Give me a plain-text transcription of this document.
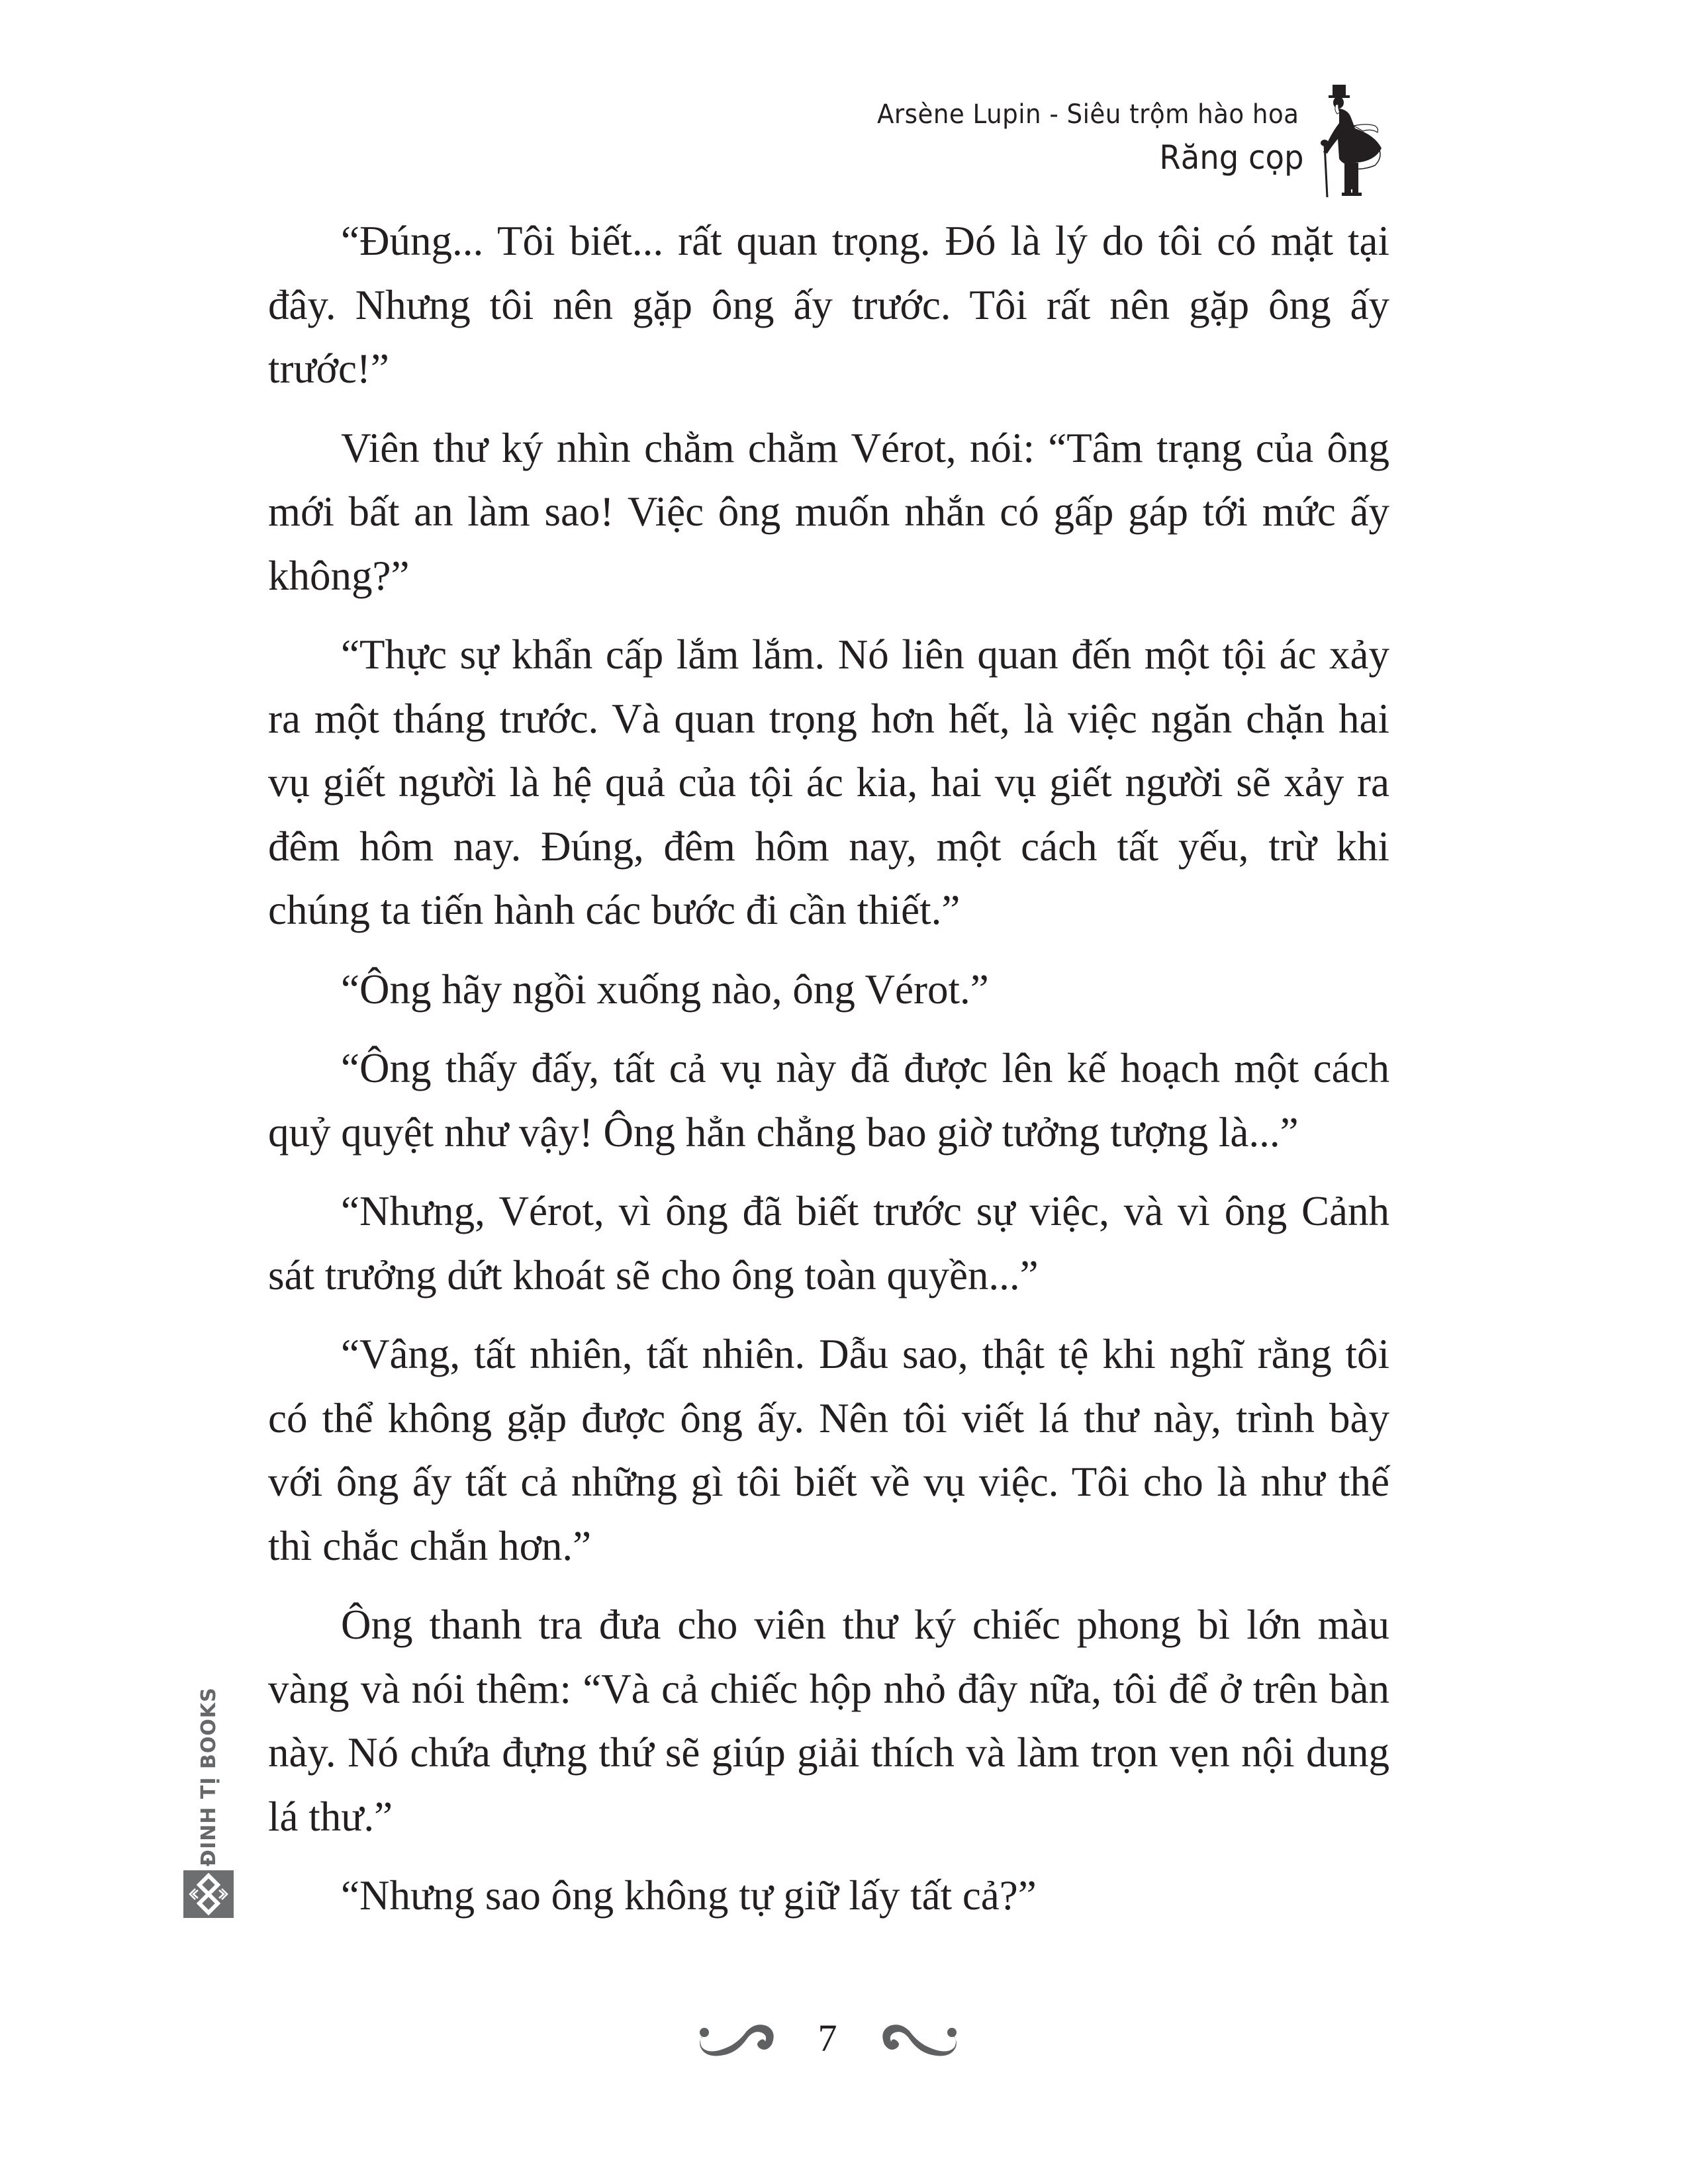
Arsène Lupin - Siêu trộm hào hoa
Răng cọp

“Đúng... Tôi biết... rất quan trọng. Đó là lý do tôi có mặt tại đây. Nhưng tôi nên gặp ông ấy trước. Tôi rất nên gặp ông ấy trước!”

Viên thư ký nhìn chằm chằm Vérot, nói: “Tâm trạng của ông mới bất an làm sao! Việc ông muốn nhắn có gấp gáp tới mức ấy không?”

“Thực sự khẩn cấp lắm lắm. Nó liên quan đến một tội ác xảy ra một tháng trước. Và quan trọng hơn hết, là việc ngăn chặn hai vụ giết người là hệ quả của tội ác kia, hai vụ giết người sẽ xảy ra đêm hôm nay. Đúng, đêm hôm nay, một cách tất yếu, trừ khi chúng ta tiến hành các bước đi cần thiết.”

“Ông hãy ngồi xuống nào, ông Vérot.”

“Ông thấy đấy, tất cả vụ này đã được lên kế hoạch một cách quỷ quyệt như vậy! Ông hẳn chẳng bao giờ tưởng tượng là...”

“Nhưng, Vérot, vì ông đã biết trước sự việc, và vì ông Cảnh sát trưởng dứt khoát sẽ cho ông toàn quyền...”

“Vâng, tất nhiên, tất nhiên. Dẫu sao, thật tệ khi nghĩ rằng tôi có thể không gặp được ông ấy. Nên tôi viết lá thư này, trình bày với ông ấy tất cả những gì tôi biết về vụ việc. Tôi cho là như thế thì chắc chắn hơn.”

Ông thanh tra đưa cho viên thư ký chiếc phong bì lớn màu vàng và nói thêm: “Và cả chiếc hộp nhỏ đây nữa, tôi để ở trên bàn này. Nó chứa đựng thứ sẽ giúp giải thích và làm trọn vẹn nội dung lá thư.”

“Nhưng sao ông không tự giữ lấy tất cả?”

ĐINH TỊ BOOKS
7
